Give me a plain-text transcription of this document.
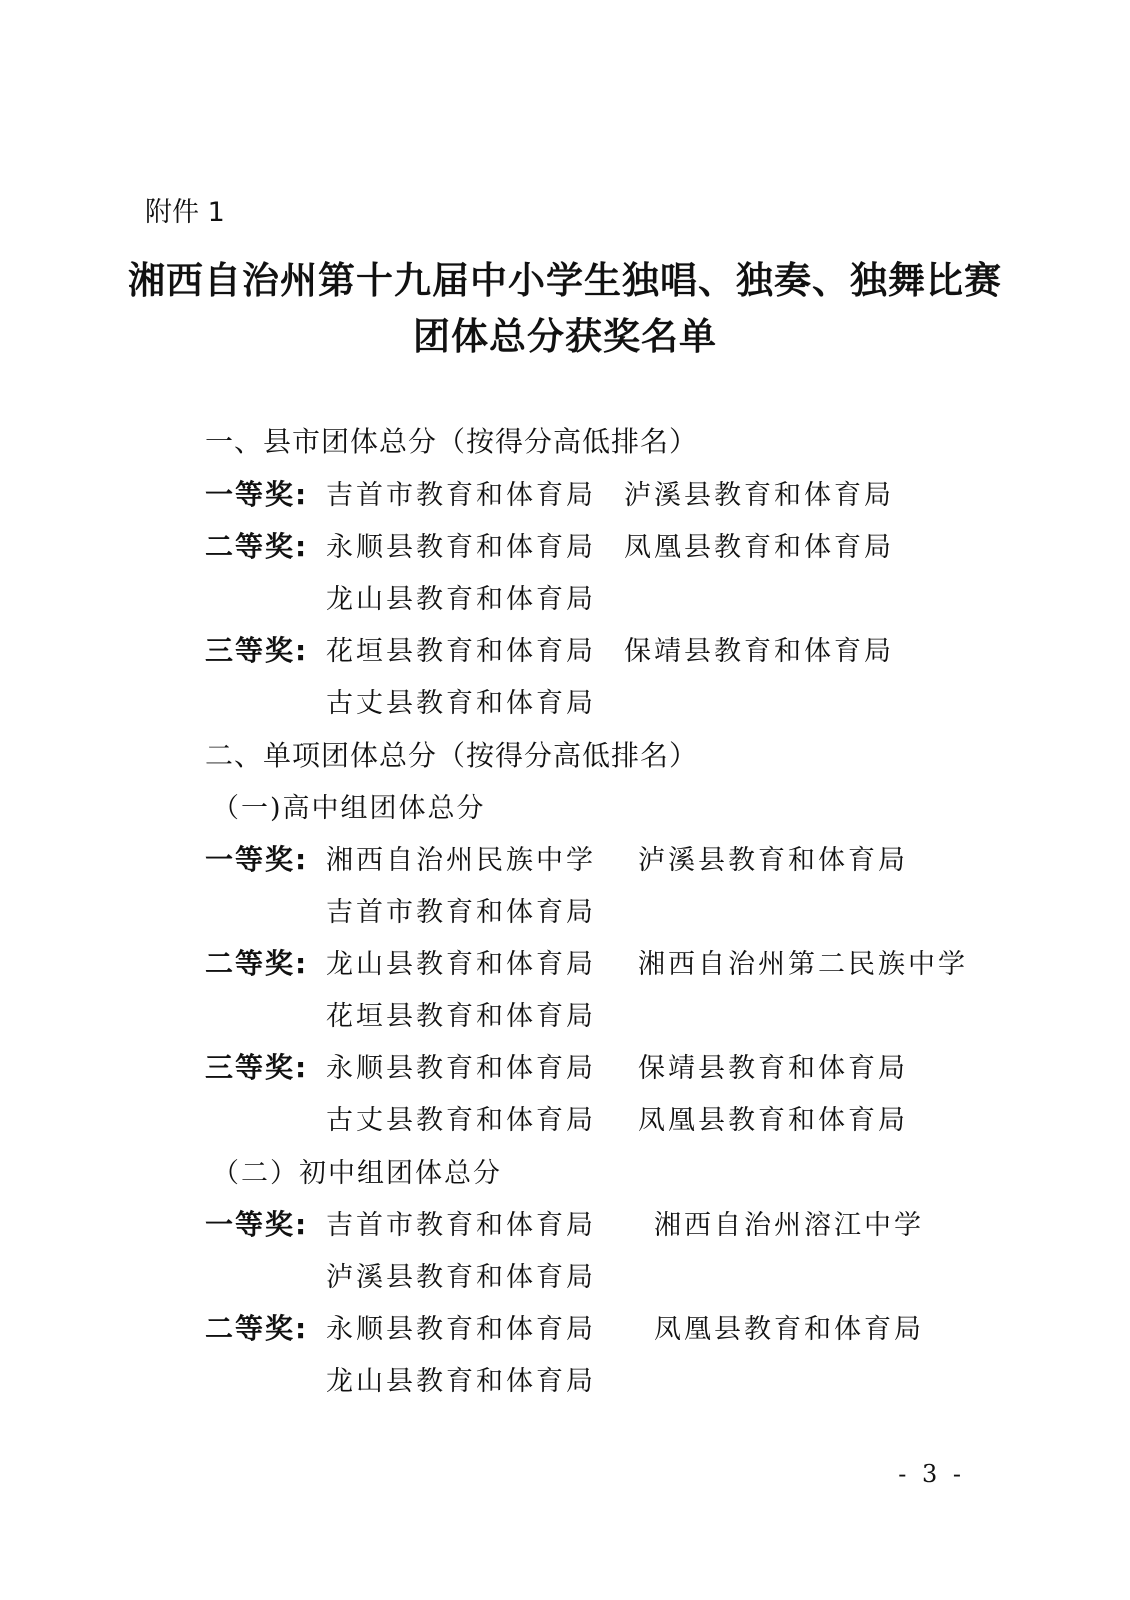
附件 1
湘西自治州第十九届中小学生独唱、独奏、独舞比赛
团体总分获奖名单
一、县市团体总分（按得分高低排名）
一等奖: 吉首市教育和体育局 泸溪县教育和体育局
二等奖: 永顺县教育和体育局 凤凰县教育和体育局
龙山县教育和体育局
三等奖: 花垣县教育和体育局 保靖县教育和体育局
古丈县教育和体育局
二、单项团体总分（按得分高低排名）
（一)高中组团体总分
一等奖: 湘西自治州民族中学 泸溪县教育和体育局
吉首市教育和体育局
二等奖: 龙山县教育和体育局 湘西自治州第二民族中学
花垣县教育和体育局
三等奖: 永顺县教育和体育局 保靖县教育和体育局
古丈县教育和体育局 凤凰县教育和体育局
（二）初中组团体总分
一等奖: 吉首市教育和体育局 湘西自治州溶江中学
泸溪县教育和体育局
二等奖: 永顺县教育和体育局 凤凰县教育和体育局
龙山县教育和体育局
- 3 -
